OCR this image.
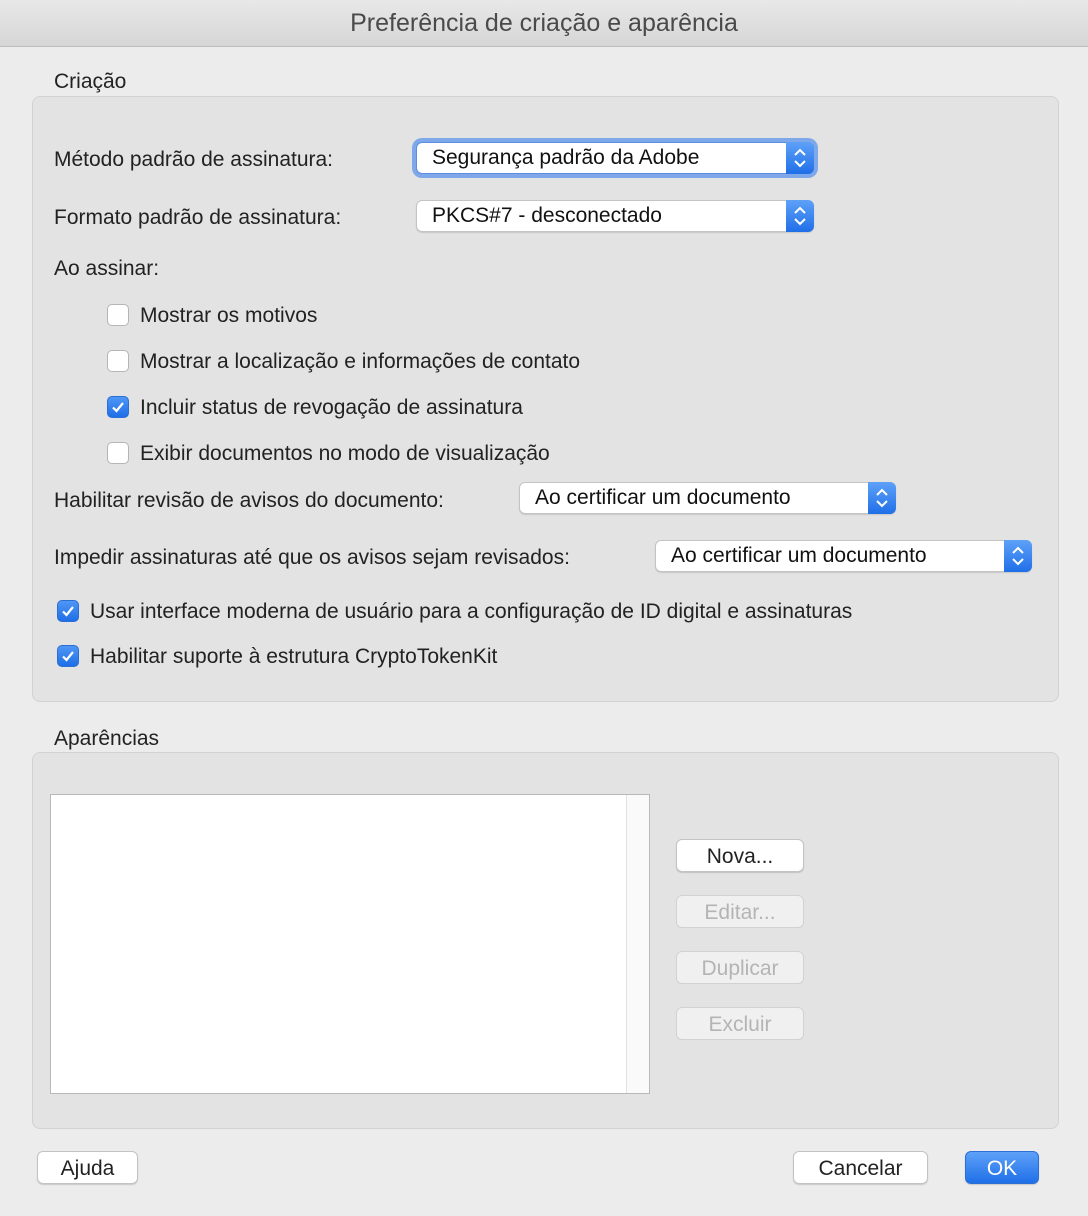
Preferência de criação e aparência
Criação
Método padrão de assinatura:	Segurança padrão da Adobe
Formato padrão de assinatura:	PKCS#7 - desconectado
Ao assinar:
Mostrar os motivos
Mostrar a localização e informações de contato
Incluir status de revogação de assinatura
Exibir documentos no modo de visualização
Habilitar revisão de avisos do documento:	Ao certificar um documento
Impedir assinaturas até que os avisos sejam revisados:	Ao certificar um documento
Usar interface moderna de usuário para a configuração de ID digital e assinaturas
Habilitar suporte à estrutura CryptoTokenKit
Aparências
Nova...
Editar...
Duplicar
Excluir
Ajuda	Cancelar	OK
